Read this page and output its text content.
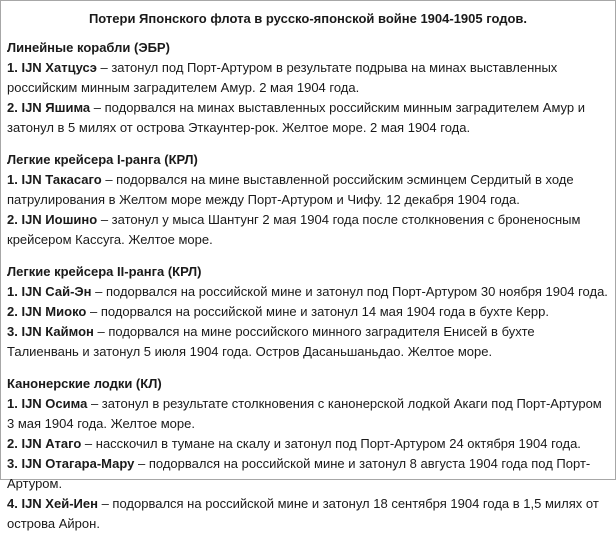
Потери Японского флота в русско-японской войне 1904-1905 годов.
Линейные корабли (ЭБР)
1. IJN Хатцусэ – затонул под Порт-Артуром в результате подрыва на минах выставленных российским минным заградителем Амур. 2 мая 1904 года.
2. IJN Яшима – подорвался на минах выставленных российским минным заградителем Амур и затонул в 5 милях от острова Эткаунтер-рок. Желтое море. 2 мая 1904 года.
Легкие крейсера I-ранга (КРЛ)
1. IJN Такасаго – подорвался на мине выставленной российским эсминцем Сердитый в ходе патрулирования в Желтом море между Порт-Артуром и Чифу. 12 декабря 1904 года.
2. IJN Иошино – затонул у мыса Шантунг 2 мая 1904 года после столкновения с броненосным крейсером Кассуга. Желтое море.
Легкие крейсера II-ранга (КРЛ)
1. IJN Сай-Эн – подорвался на российской мине и затонул под Порт-Артуром 30 ноября 1904 года.
2. IJN Миоко – подорвался на российской мине и затонул 14 мая 1904 года в бухте Керр.
3. IJN Каймон – подорвался на мине российского минного заградителя Енисей в бухте Талиенвань и затонул 5 июля 1904 года. Остров Дасаньшаньдао. Желтое море.
Канонерские лодки (КЛ)
1. IJN Осима – затонул в результате столкновения с канонерской лодкой Акаги под Порт-Артуром 3 мая 1904 года. Желтое море.
2. IJN Атаго – насскочил в тумане на скалу и затонул под Порт-Артуром 24 октября 1904 года.
3. IJN Отагара-Мару – подорвался на российской мине и затонул 8 августа 1904 года под Порт-Артуром.
4. IJN Хей-Иен – подорвался на российской мине и затонул 18 сентября 1904 года в 1,5 милях от острова Айрон.
